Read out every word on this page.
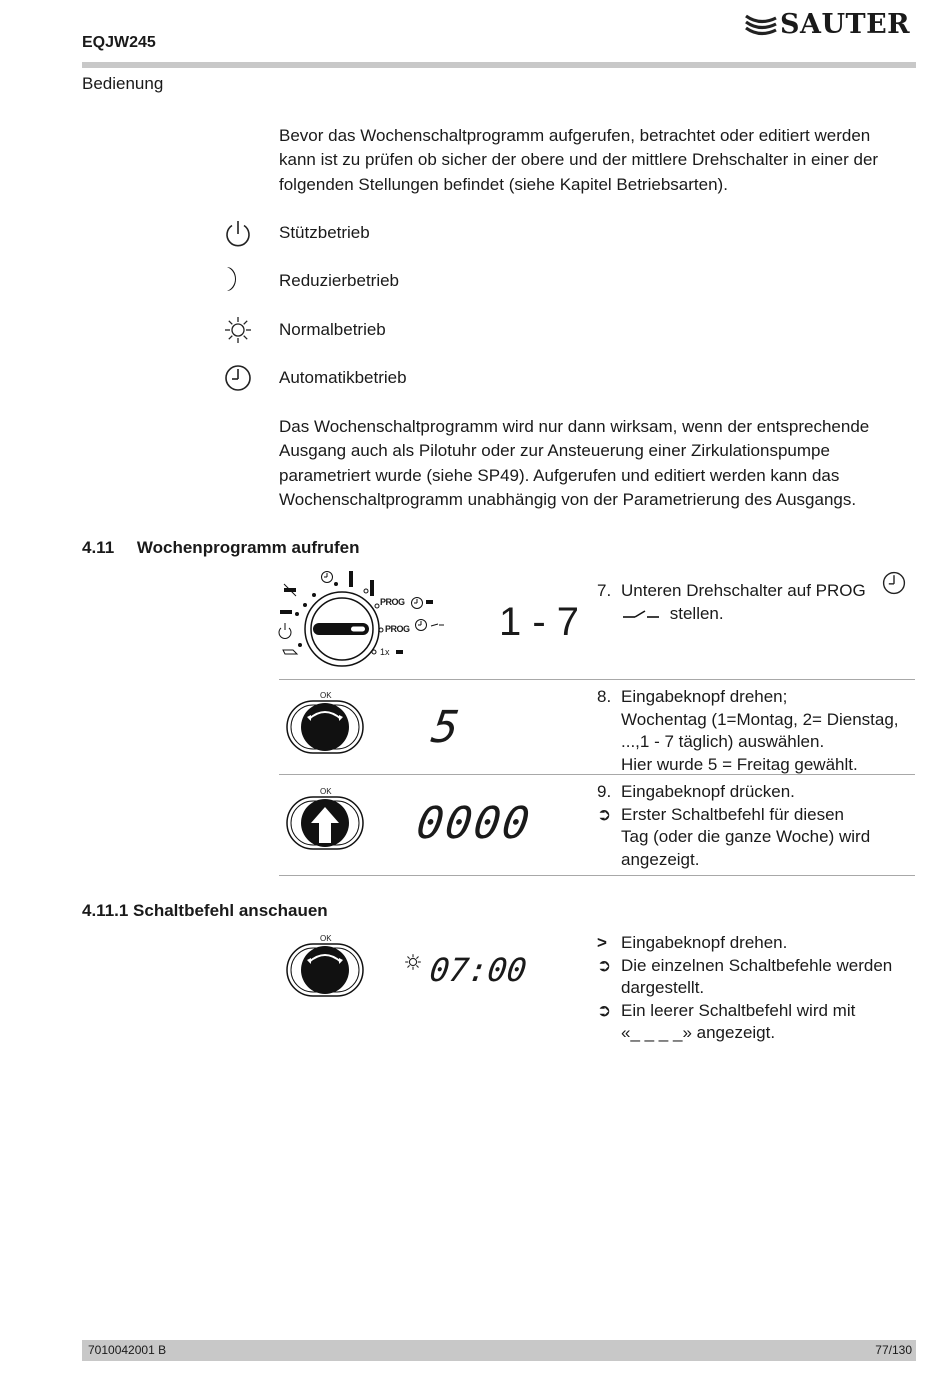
EQJW245
SAUTER
Bedienung
Bevor das Wochenschaltprogramm aufgerufen, betrachtet oder editiert werden kann ist zu prüfen ob sicher der obere und der mittlere Drehschalter in einer der folgenden Stellungen befindet (siehe Kapitel Betriebsarten).
Stützbetrieb
Reduzierbetrieb
Normalbetrieb
Automatikbetrieb
Das Wochenschaltprogramm wird nur dann wirksam, wenn der entsprechende Ausgang auch als Pilotuhr oder zur Ansteuerung einer Zirkulationspumpe parametriert wurde (siehe SP49). Aufgerufen und editiert werden kann das Wochenschaltprogramm unabhängig von der Parametrierung des Ausgangs.
4.11 Wochenprogramm aufrufen
PROG
PROG
1x
1 - 7
7. Unteren Drehschalter auf PROG
stellen.
OK
5
8. Eingabeknopf drehen;
Wochentag (1=Montag, 2= Dienstag,
...,1 - 7 täglich) auswählen.
Hier wurde 5 = Freitag gewählt.
OK
0000
9. Eingabeknopf drücken.
➲ Erster Schaltbefehl für diesen
Tag (oder die ganze Woche) wird
angezeigt.
4.11.1 Schaltbefehl anschauen
OK
07:00
> Eingabeknopf drehen.
➲ Die einzelnen Schaltbefehle werden
dargestellt.
➲ Ein leerer Schaltbefehl wird mit
«_ _ _ _» angezeigt.
7010042001 B	77/130
